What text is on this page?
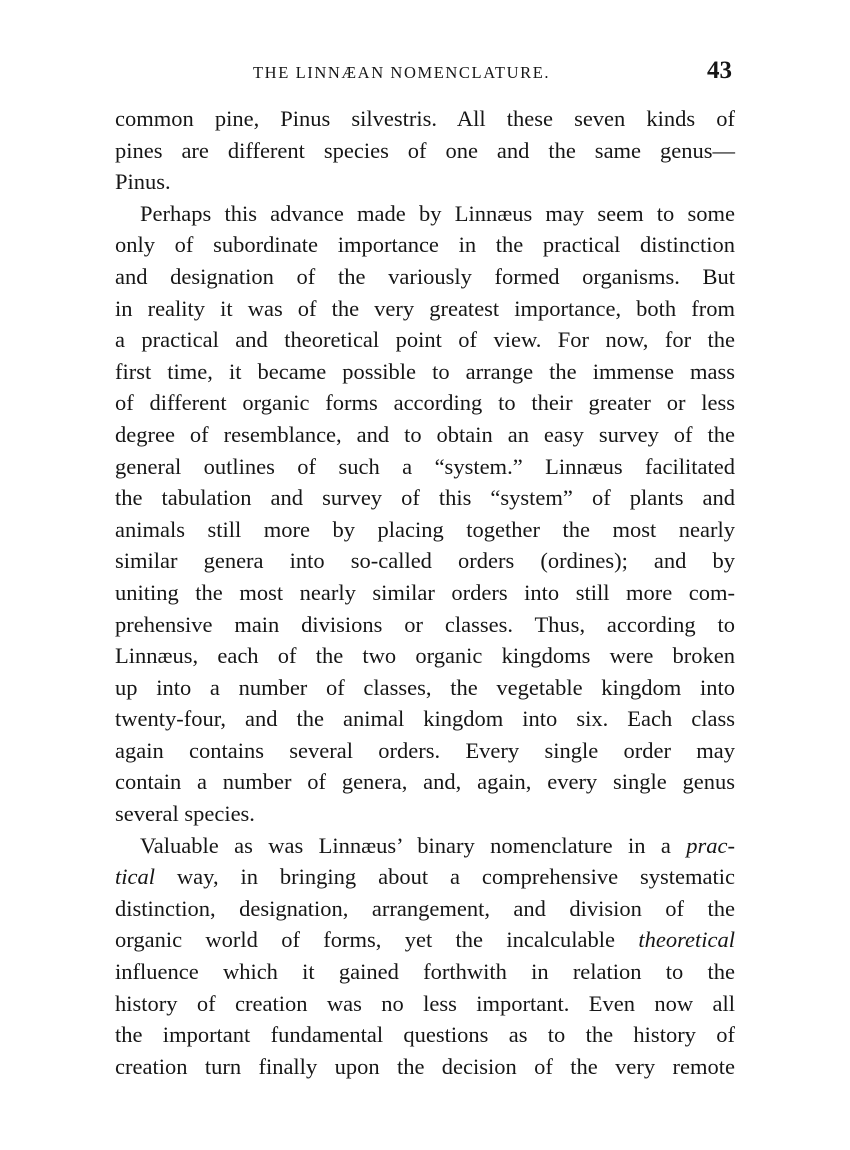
THE LINNÆAN NOMENCLATURE.	43
common pine, Pinus silvestris. All these seven kinds of
pines are different species of one and the same genus—
Pinus.
Perhaps this advance made by Linnæus may seem to some
only of subordinate importance in the practical distinction
and designation of the variously formed organisms. But
in reality it was of the very greatest importance, both from
a practical and theoretical point of view. For now, for the
first time, it became possible to arrange the immense mass
of different organic forms according to their greater or less
degree of resemblance, and to obtain an easy survey of the
general outlines of such a “system.” Linnæus facilitated
the tabulation and survey of this “system” of plants and
animals still more by placing together the most nearly
similar genera into so-called orders (ordines); and by
uniting the most nearly similar orders into still more com-
prehensive main divisions or classes. Thus, according to
Linnæus, each of the two organic kingdoms were broken
up into a number of classes, the vegetable kingdom into
twenty-four, and the animal kingdom into six. Each class
again contains several orders. Every single order may
contain a number of genera, and, again, every single genus
several species.
Valuable as was Linnæus’ binary nomenclature in a prac-
tical way, in bringing about a comprehensive systematic
distinction, designation, arrangement, and division of the
organic world of forms, yet the incalculable theoretical
influence which it gained forthwith in relation to the
history of creation was no less important. Even now all
the important fundamental questions as to the history of
creation turn finally upon the decision of the very remote
